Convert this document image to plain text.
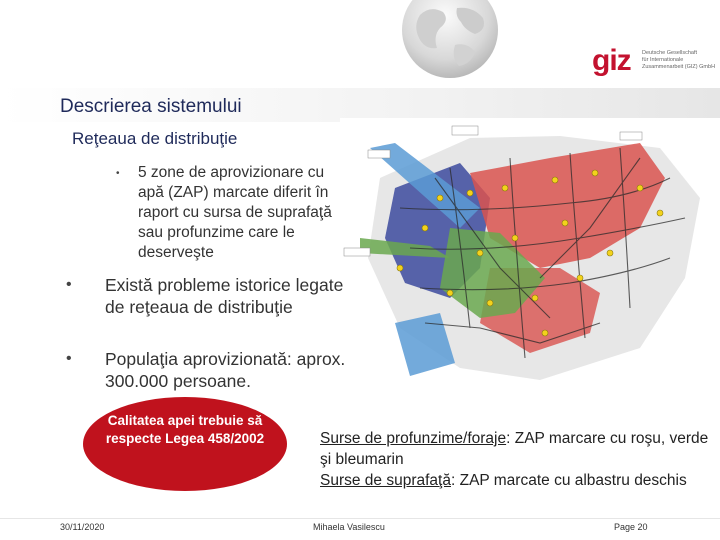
giz Deutsche Gesellschaft
für Internationale
Zusammenarbeit (GIZ) GmbH
Descrierea sistemului
Reţeaua de distribuţie
• 5 zone de aprovizionare cu apă (ZAP) marcate diferit în raport cu sursa de suprafaţă sau profunzime care le deserveşte
• Există probleme istorice legate de reţeaua de distribuţie
• Populaţia aprovizionată: aprox. 300.000 persoane.
Calitatea apei trebuie să respecte Legea 458/2002	Surse de profunzime/foraje: ZAP marcare cu roşu, verde şi bleumarin
Surse de suprafaţă: ZAP marcate cu albastru deschis
30/11/2020	Mihaela Vasilescu	Page 20
